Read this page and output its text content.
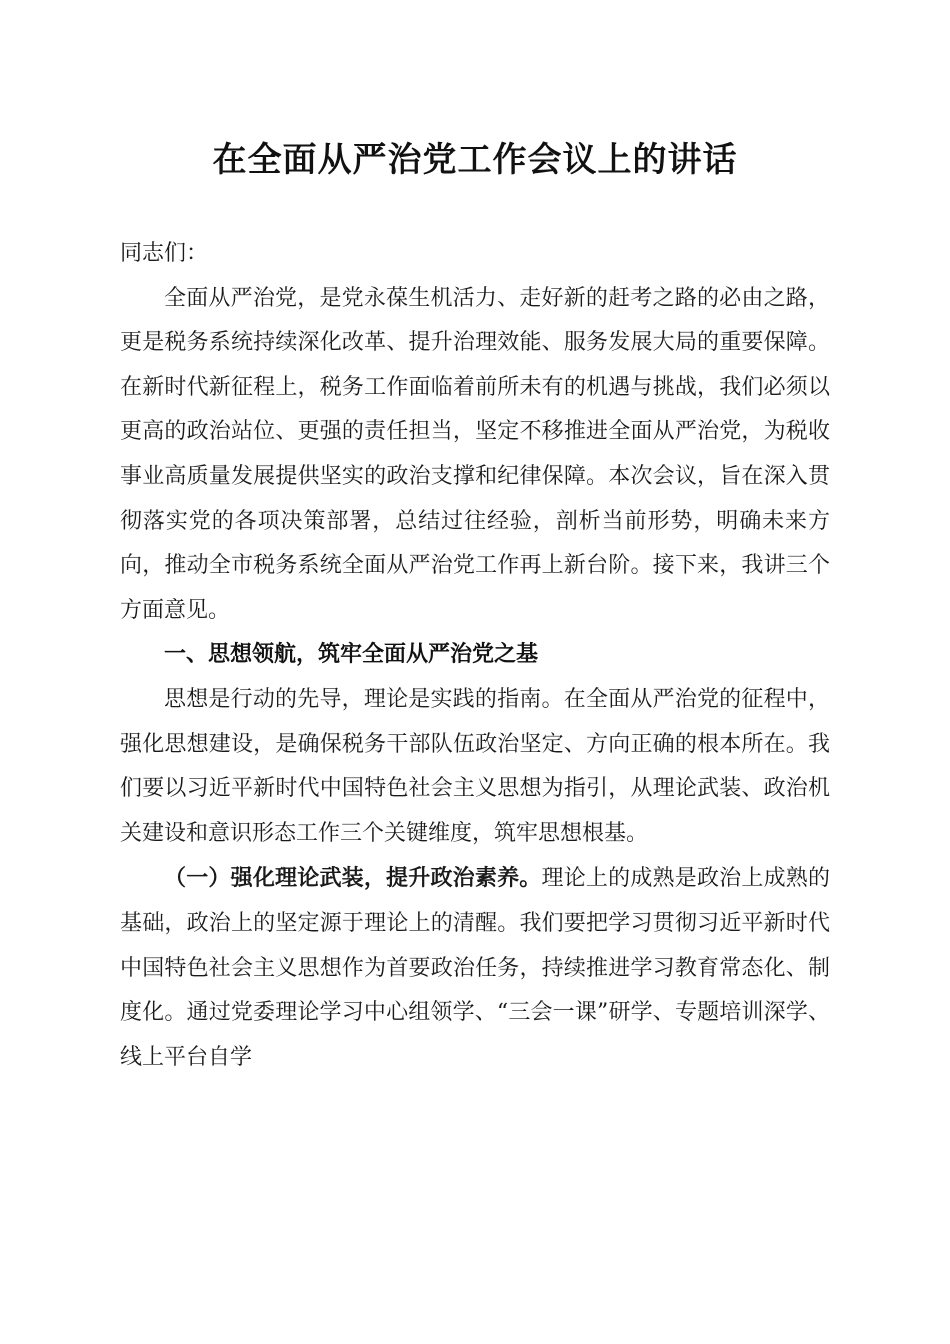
在全面从严治党工作会议上的讲话

同志们：

全面从严治党，是党永葆生机活力、走好新的赶考之路的必由之路，更是税务系统持续深化改革、提升治理效能、服务发展大局的重要保障。在新时代新征程上，税务工作面临着前所未有的机遇与挑战，我们必须以更高的政治站位、更强的责任担当，坚定不移推进全面从严治党，为税收事业高质量发展提供坚实的政治支撑和纪律保障。本次会议，旨在深入贯彻落实党的各项决策部署，总结过往经验，剖析当前形势，明确未来方向，推动全市税务系统全面从严治党工作再上新台阶。接下来，我讲三个方面意见。

一、思想领航，筑牢全面从严治党之基

思想是行动的先导，理论是实践的指南。在全面从严治党的征程中，强化思想建设，是确保税务干部队伍政治坚定、方向正确的根本所在。我们要以习近平新时代中国特色社会主义思想为指引，从理论武装、政治机关建设和意识形态工作三个关键维度，筑牢思想根基。

（一）强化理论武装，提升政治素养。理论上的成熟是政治上成熟的基础，政治上的坚定源于理论上的清醒。我们要把学习贯彻习近平新时代中国特色社会主义思想作为首要政治任务，持续推进学习教育常态化、制度化。通过党委理论学习中心组领学、“三会一课”研学、专题培训深学、线上平台自学
